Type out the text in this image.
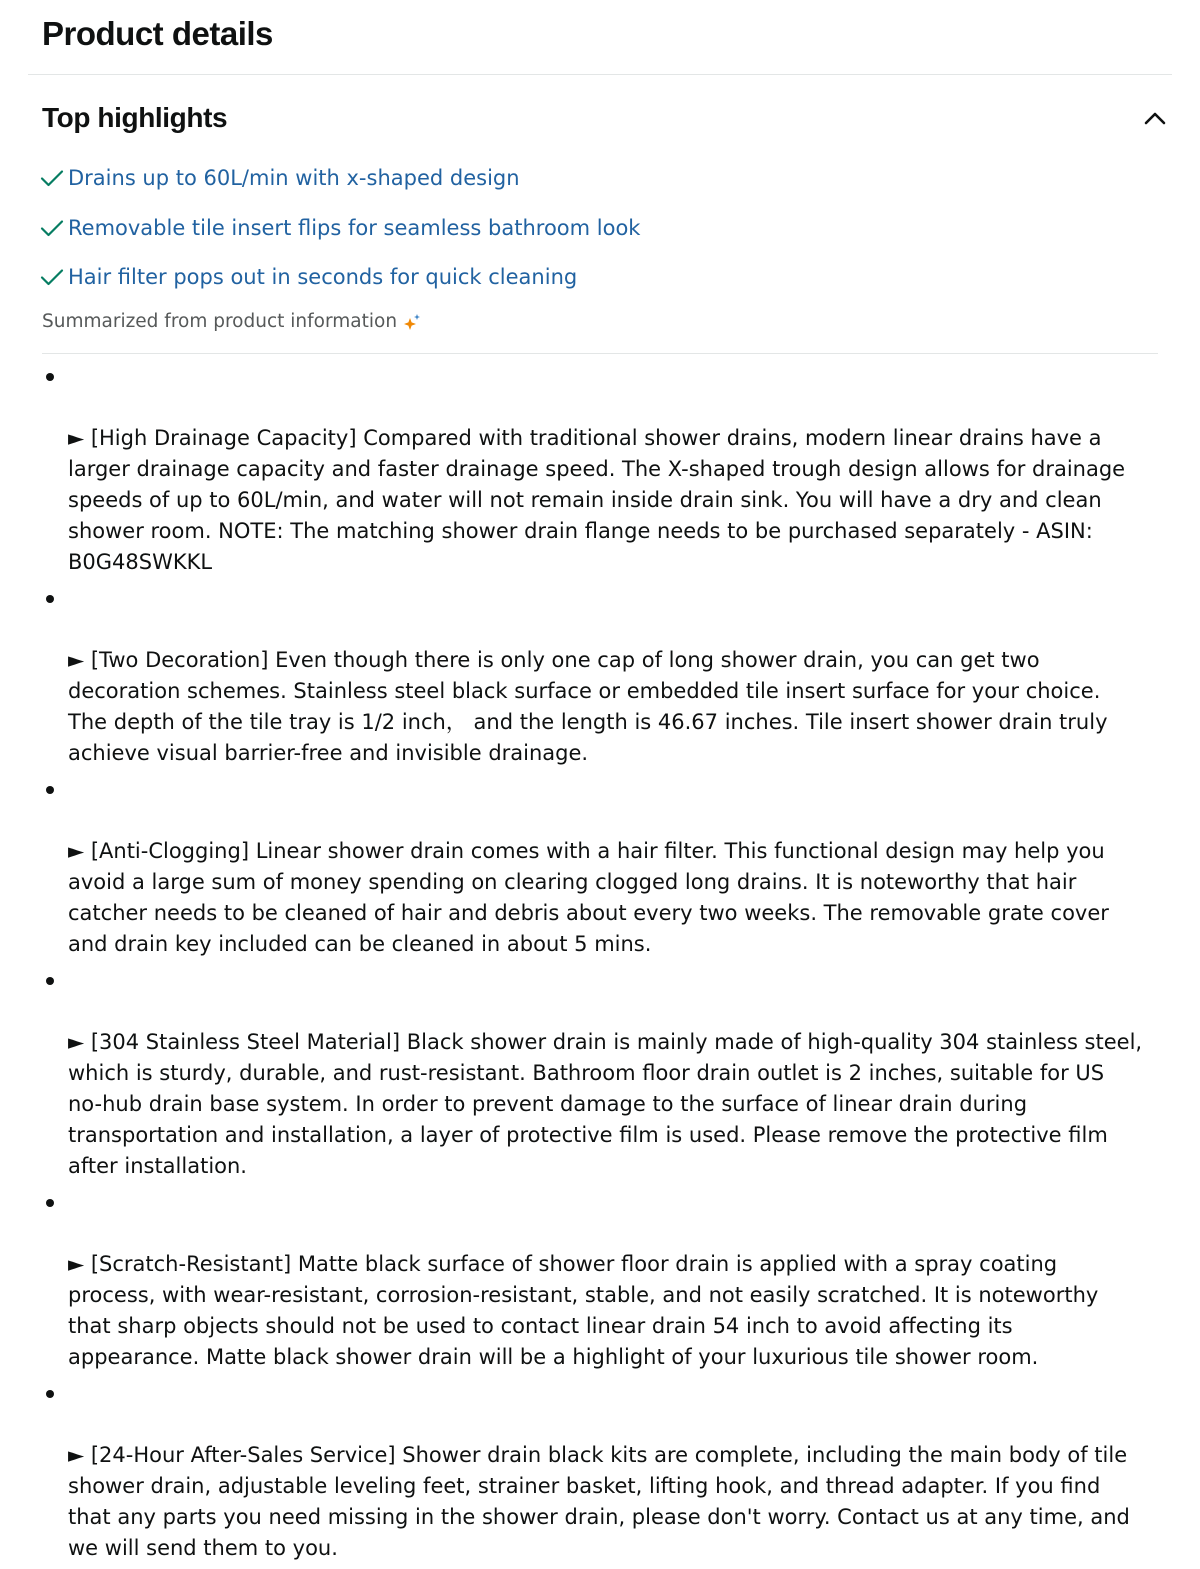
Product details
Top highlights
Drains up to 60L/min with x-shaped design
Removable tile insert flips for seamless bathroom look
Hair filter pops out in seconds for quick cleaning
Summarized from product information

► [High Drainage Capacity] Compared with traditional shower drains, modern linear drains have a
larger drainage capacity and faster drainage speed. The X-shaped trough design allows for drainage
speeds of up to 60L/min, and water will not remain inside drain sink. You will have a dry and clean
shower room. NOTE: The matching shower drain flange needs to be purchased separately - ASIN:
B0G48SWKKL

► [Two Decoration] Even though there is only one cap of long shower drain, you can get two
decoration schemes. Stainless steel black surface or embedded tile insert surface for your choice.
The depth of the tile tray is 1/2 inch， and the length is 46.67 inches. Tile insert shower drain truly
achieve visual barrier-free and invisible drainage.

► [Anti-Clogging] Linear shower drain comes with a hair filter. This functional design may help you
avoid a large sum of money spending on clearing clogged long drains. It is noteworthy that hair
catcher needs to be cleaned of hair and debris about every two weeks. The removable grate cover
and drain key included can be cleaned in about 5 mins.

► [304 Stainless Steel Material] Black shower drain is mainly made of high-quality 304 stainless steel,
which is sturdy, durable, and rust-resistant. Bathroom floor drain outlet is 2 inches, suitable for US
no-hub drain base system. In order to prevent damage to the surface of linear drain during
transportation and installation, a layer of protective film is used. Please remove the protective film
after installation.

► [Scratch-Resistant] Matte black surface of shower floor drain is applied with a spray coating
process, with wear-resistant, corrosion-resistant, stable, and not easily scratched. It is noteworthy
that sharp objects should not be used to contact linear drain 54 inch to avoid affecting its
appearance. Matte black shower drain will be a highlight of your luxurious tile shower room.

► [24-Hour After-Sales Service] Shower drain black kits are complete, including the main body of tile
shower drain, adjustable leveling feet, strainer basket, lifting hook, and thread adapter. If you find
that any parts you need missing in the shower drain, please don't worry. Contact us at any time, and
we will send them to you.
